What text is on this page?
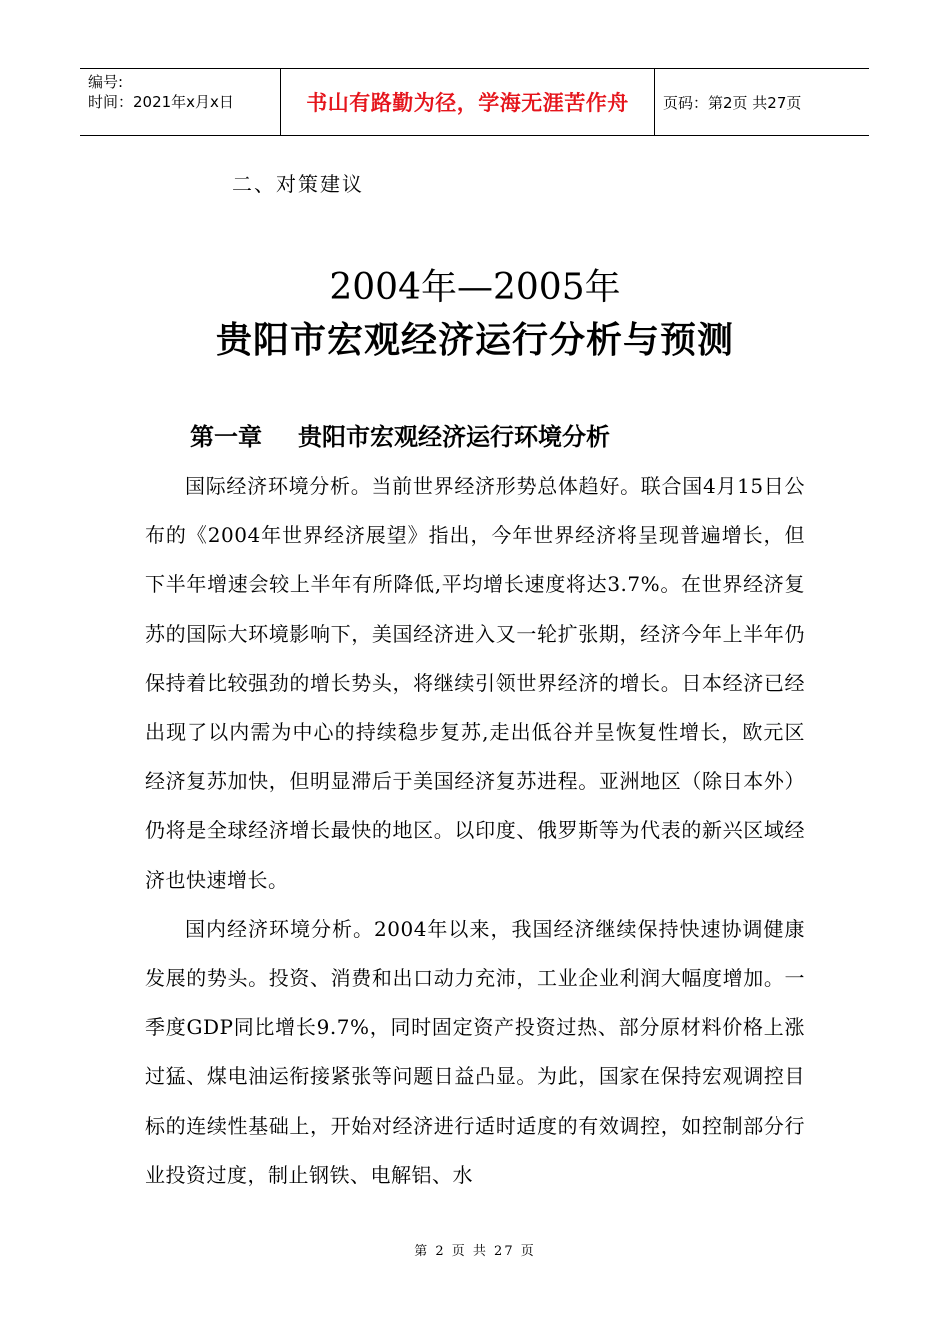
编号:
时间：2021年x月x日	书山有路勤为径，学海无涯苦作舟	页码：第2页 共27页
二、对策建议
2004年—2005年
贵阳市宏观经济运行分析与预测
第一章 贵阳市宏观经济运行环境分析

国际经济环境分析。当前世界经济形势总体趋好。联合国4月15日公布的《2004年世界经济展望》指出，今年世界经济将呈现普遍增长，但下半年增速会较上半年有所降低,平均增长速度将达3.7%。在世界经济复苏的国际大环境影响下，美国经济进入又一轮扩张期，经济今年上半年仍保持着比较强劲的增长势头，将继续引领世界经济的增长。日本经济已经出现了以内需为中心的持续稳步复苏,走出低谷并呈恢复性增长，欧元区经济复苏加快，但明显滞后于美国经济复苏进程。亚洲地区（除日本外）仍将是全球经济增长最快的地区。以印度、俄罗斯等为代表的新兴区域经济也快速增长。

国内经济环境分析。2004年以来，我国经济继续保持快速协调健康发展的势头。投资、消费和出口动力充沛，工业企业利润大幅度增加。一季度GDP同比增长9.7%，同时固定资产投资过热、部分原材料价格上涨过猛、煤电油运衔接紧张等问题日益凸显。为此，国家在保持宏观调控目标的连续性基础上，开始对经济进行适时适度的有效调控，如控制部分行业投资过度，制止钢铁、电解铝、水

第 2 页 共 27 页
